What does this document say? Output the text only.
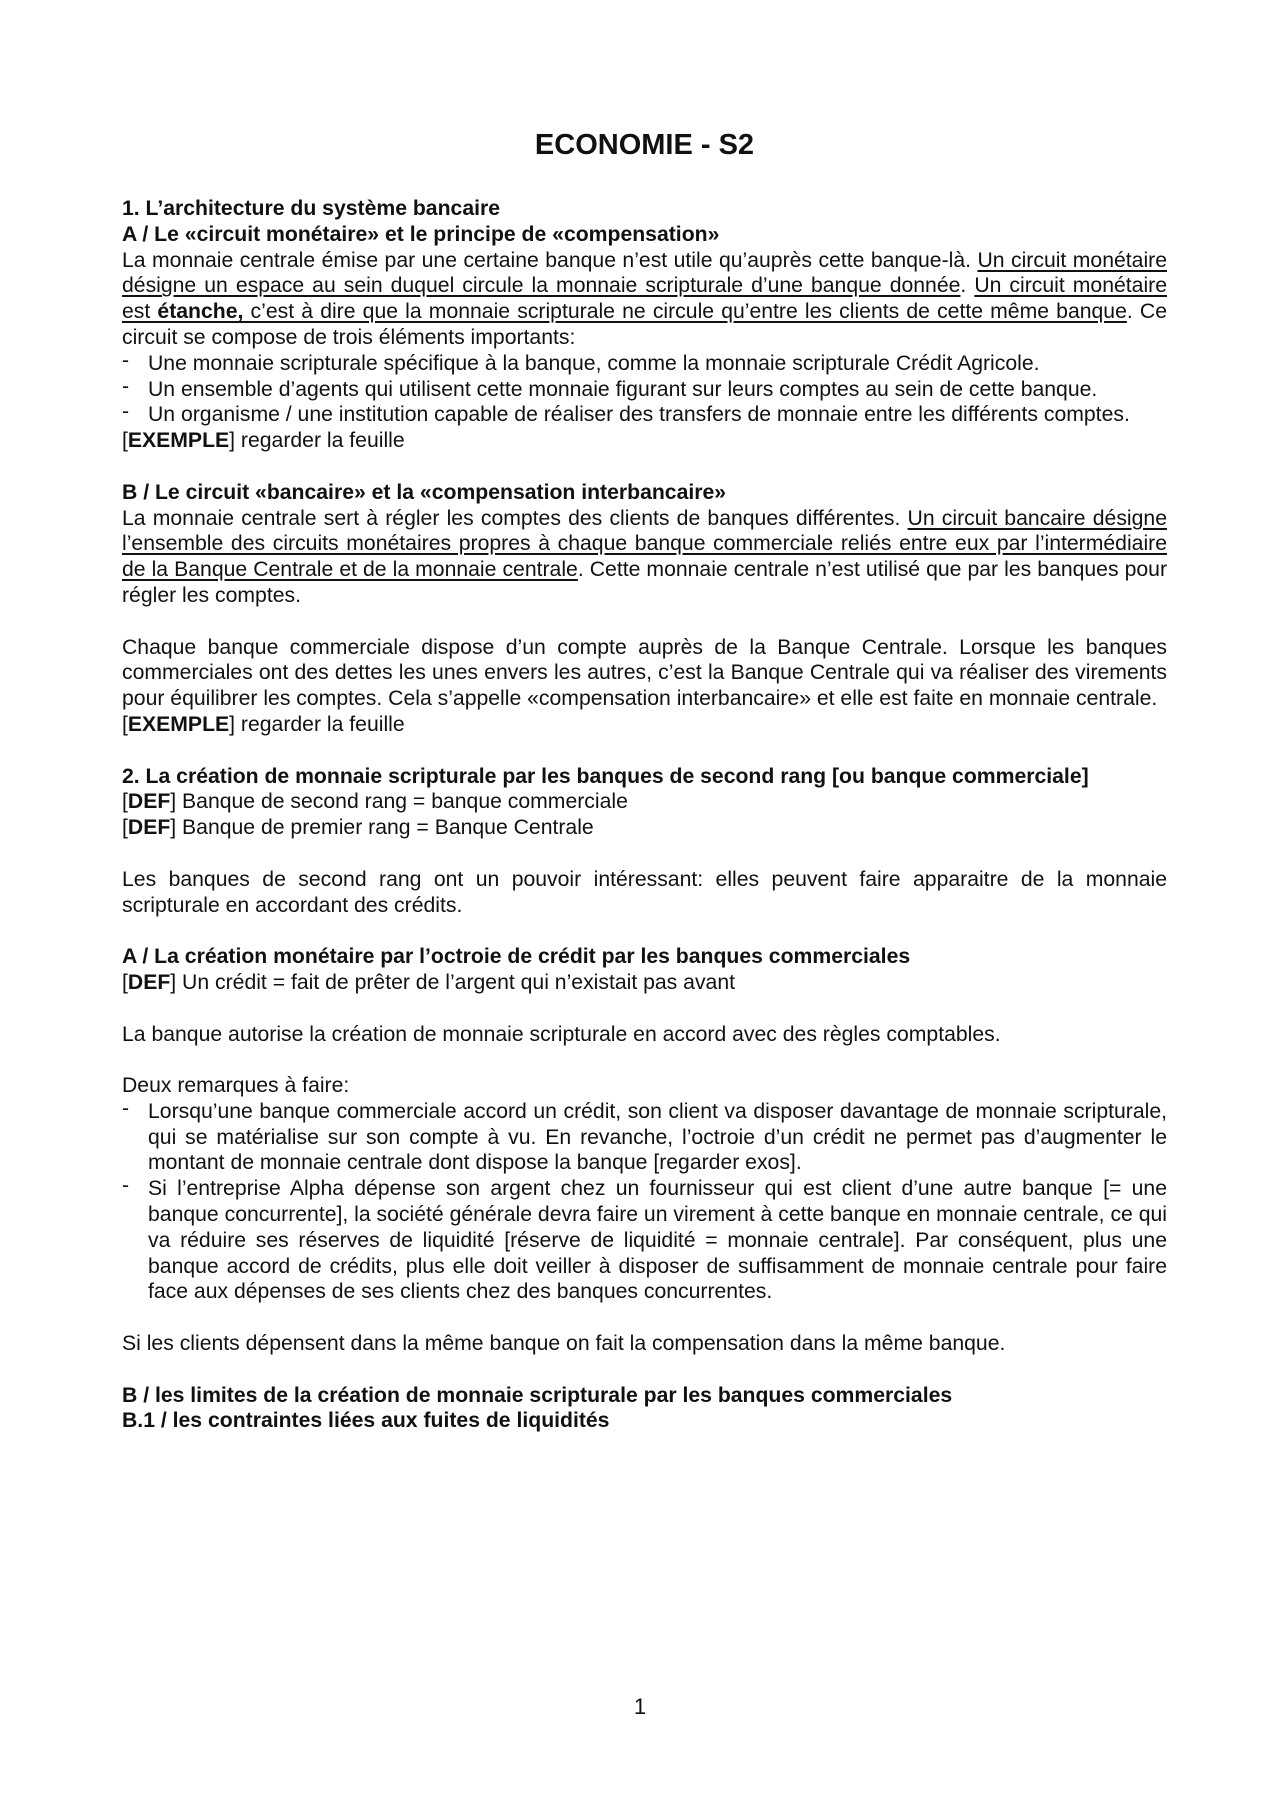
ECONOMIE - S2

1. L’architecture du système bancaire

A / Le «circuit monétaire» et le principe de «compensation»

La monnaie centrale émise par une certaine banque n’est utile qu’auprès cette banque-là. Un circuit monétaire désigne un espace au sein duquel circule la monnaie scripturale d’une banque donnée. Un circuit monétaire est étanche, c’est à dire que la monnaie scripturale ne circule qu’entre les clients de cette même banque. Ce circuit se compose de trois éléments importants:

- Une monnaie scripturale spécifique à la banque, comme la monnaie scripturale Crédit Agricole.
- Un ensemble d’agents qui utilisent cette monnaie figurant sur leurs comptes au sein de cette banque.
- Un organisme / une institution capable de réaliser des transfers de monnaie entre les différents comptes.

[EXEMPLE] regarder la feuille

B / Le circuit «bancaire» et la «compensation interbancaire»

La monnaie centrale sert à régler les comptes des clients de banques différentes. Un circuit bancaire désigne l’ensemble des circuits monétaires propres à chaque banque commerciale reliés entre eux par l’intermédiaire de la Banque Centrale et de la monnaie centrale. Cette monnaie centrale n’est utilisé que par les banques pour régler les comptes.

Chaque banque commerciale dispose d’un compte auprès de la Banque Centrale. Lorsque les banques commerciales ont des dettes les unes envers les autres, c’est la Banque Centrale qui va réaliser des virements pour équilibrer les comptes. Cela s’appelle «compensation interbancaire» et elle est faite en monnaie centrale.

[EXEMPLE] regarder la feuille

2. La création de monnaie scripturale par les banques de second rang [ou banque commerciale]

[DEF] Banque de second rang = banque commerciale

[DEF] Banque de premier rang = Banque Centrale

Les banques de second rang ont un pouvoir intéressant: elles peuvent faire apparaitre de la monnaie scripturale en accordant des crédits.

A / La création monétaire par l’octroie de crédit par les banques commerciales

[DEF] Un crédit = fait de prêter de l’argent qui n’existait pas avant

La banque autorise la création de monnaie scripturale en accord avec des règles comptables.

Deux remarques à faire:

- Lorsqu’une banque commerciale accord un crédit, son client va disposer davantage de monnaie scripturale, qui se matérialise sur son compte à vu. En revanche, l’octroie d’un crédit ne permet pas d’augmenter le montant de monnaie centrale dont dispose la banque [regarder exos].
- Si l’entreprise Alpha dépense son argent chez un fournisseur qui est client d’une autre banque [= une banque concurrente], la société générale devra faire un virement à cette banque en monnaie centrale, ce qui va réduire ses réserves de liquidité [réserve de liquidité = monnaie centrale]. Par conséquent, plus une banque accord de crédits, plus elle doit veiller à disposer de suffisamment de monnaie centrale pour faire face aux dépenses de ses clients chez des banques concurrentes.

Si les clients dépensent dans la même banque on fait la compensation dans la même banque.

B / les limites de la création de monnaie scripturale par les banques commerciales

B.1 / les contraintes liées aux fuites de liquidités

1
